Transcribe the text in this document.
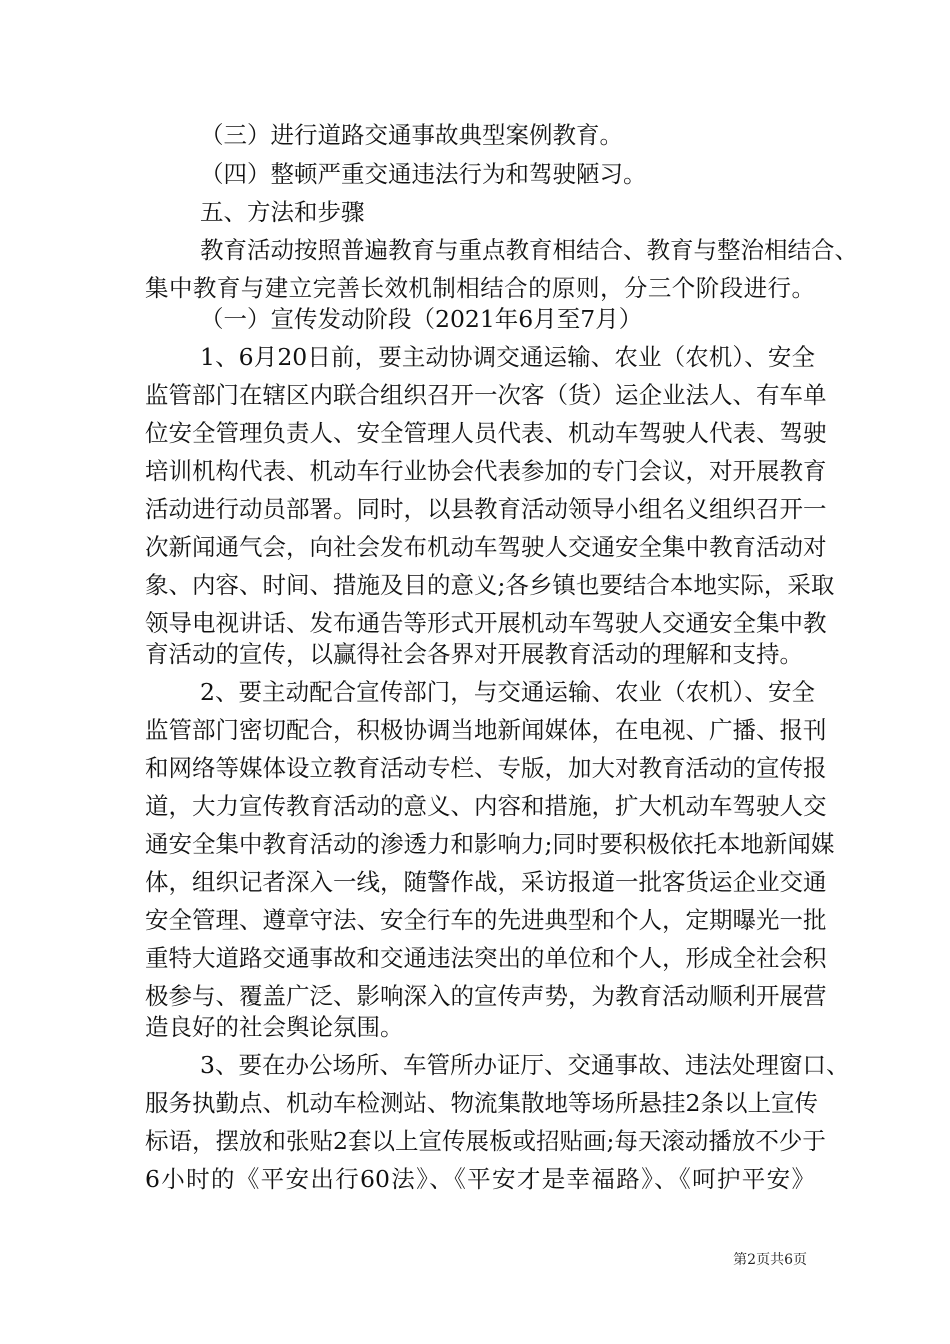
（三）进行道路交通事故典型案例教育。
（四）整顿严重交通违法行为和驾驶陋习。
五、方法和步骤
教育活动按照普遍教育与重点教育相结合、教育与整治相结合、
集中教育与建立完善长效机制相结合的原则，分三个阶段进行。
（一）宣传发动阶段（2021年6月至7月）
1、6月20日前，要主动协调交通运输、农业（农机）、安全
监管部门在辖区内联合组织召开一次客（货）运企业法人、有车单
位安全管理负责人、安全管理人员代表、机动车驾驶人代表、驾驶
培训机构代表、机动车行业协会代表参加的专门会议，对开展教育
活动进行动员部署。同时，以县教育活动领导小组名义组织召开一
次新闻通气会，向社会发布机动车驾驶人交通安全集中教育活动对
象、内容、时间、措施及目的意义;各乡镇也要结合本地实际，采取
领导电视讲话、发布通告等形式开展机动车驾驶人交通安全集中教
育活动的宣传，以赢得社会各界对开展教育活动的理解和支持。
2、要主动配合宣传部门，与交通运输、农业（农机）、安全
监管部门密切配合，积极协调当地新闻媒体，在电视、广播、报刊
和网络等媒体设立教育活动专栏、专版，加大对教育活动的宣传报
道，大力宣传教育活动的意义、内容和措施，扩大机动车驾驶人交
通安全集中教育活动的渗透力和影响力;同时要积极依托本地新闻媒
体，组织记者深入一线，随警作战，采访报道一批客货运企业交通
安全管理、遵章守法、安全行车的先进典型和个人，定期曝光一批
重特大道路交通事故和交通违法突出的单位和个人，形成全社会积
极参与、覆盖广泛、影响深入的宣传声势，为教育活动顺利开展营
造良好的社会舆论氛围。
3、要在办公场所、车管所办证厅、交通事故、违法处理窗口、
服务执勤点、机动车检测站、物流集散地等场所悬挂2条以上宣传
标语，摆放和张贴2套以上宣传展板或招贴画;每天滚动播放不少于
6小时的《平安出行60法》、《平安才是幸福路》、《呵护平安》
第2页共6页
